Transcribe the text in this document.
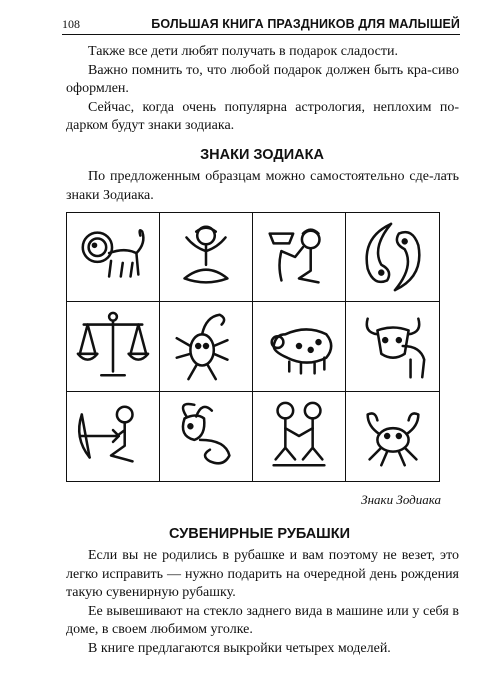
108	БОЛЬШАЯ КНИГА ПРАЗДНИКОВ ДЛЯ МАЛЫШЕЙ

Также все дети любят получать в подарок сладости.

Важно помнить то, что любой подарок должен быть кра-сиво оформлен.

Сейчас, когда очень популярна астрология, неплохим по-дарком будут знаки зодиака.

ЗНАКИ ЗОДИАКА

По предложенным образцам можно самостоятельно сде-лать знаки Зодиака.

Знаки Зодиака
СУВЕНИРНЫЕ РУБАШКИ

Если вы не родились в рубашке и вам поэтому не везет, это легко исправить — нужно подарить на очередной день рождения такую сувенирную рубашку.

Ее вывешивают на стекло заднего вида в машине или у себя в доме, в своем любимом уголке.

В книге предлагаются выкройки четырех моделей.
